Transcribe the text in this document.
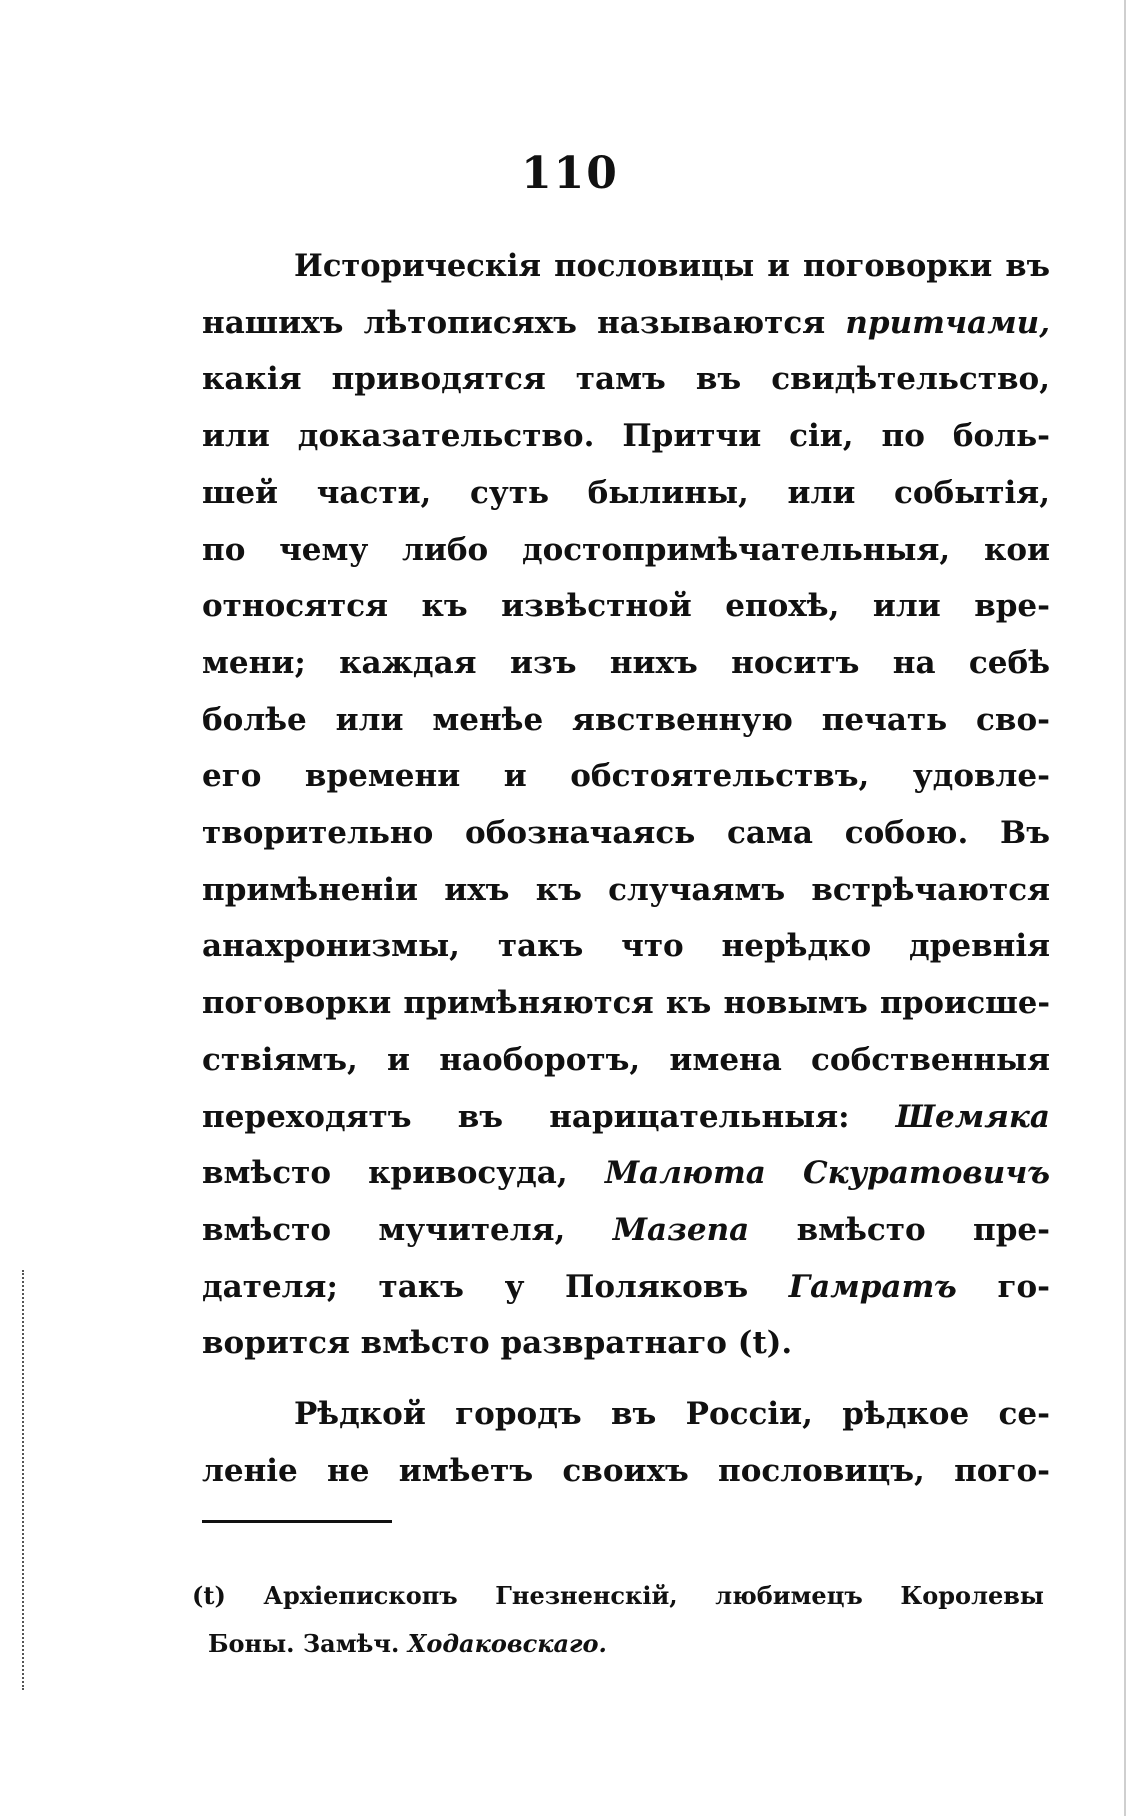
110
Историческія пословицы и поговорки въ
нашихъ лѣтописяхъ называются притчами,
какія приводятся тамъ въ свидѣтельство,
или доказательство. Притчи сіи, по боль-
шей части, суть былины, или событія,
по чему либо достопримѣчательныя, кои
относятся къ извѣстной епохѣ, или вре-
мени; каждая изъ нихъ носитъ на себѣ
болѣе или менѣе явственную печать сво-
его времени и обстоятельствъ, удовле-
творительно обозначаясь сама собою. Въ
примѣненіи ихъ къ случаямъ встрѣчаются
анахронизмы, такъ что нерѣдко древнія
поговорки примѣняются къ новымъ происше-
ствіямъ, и наоборотъ, имена собственныя
переходятъ въ нарицательныя: Шемяка
вмѣсто кривосуда, Малюта Скуратовичъ
вмѣсто мучителя, Мазепа вмѣсто пре-
дателя; такъ у Поляковъ Гамратъ го-
ворится вмѣсто развратнаго (t).
Рѣдкой городъ въ Россіи, рѣдкое се-
леніе не имѣетъ своихъ пословицъ, пого-
(t) Архіепископъ Гнезненскій, любимецъ Королевы
Боны. Замѣч. Ходаковскаго.
